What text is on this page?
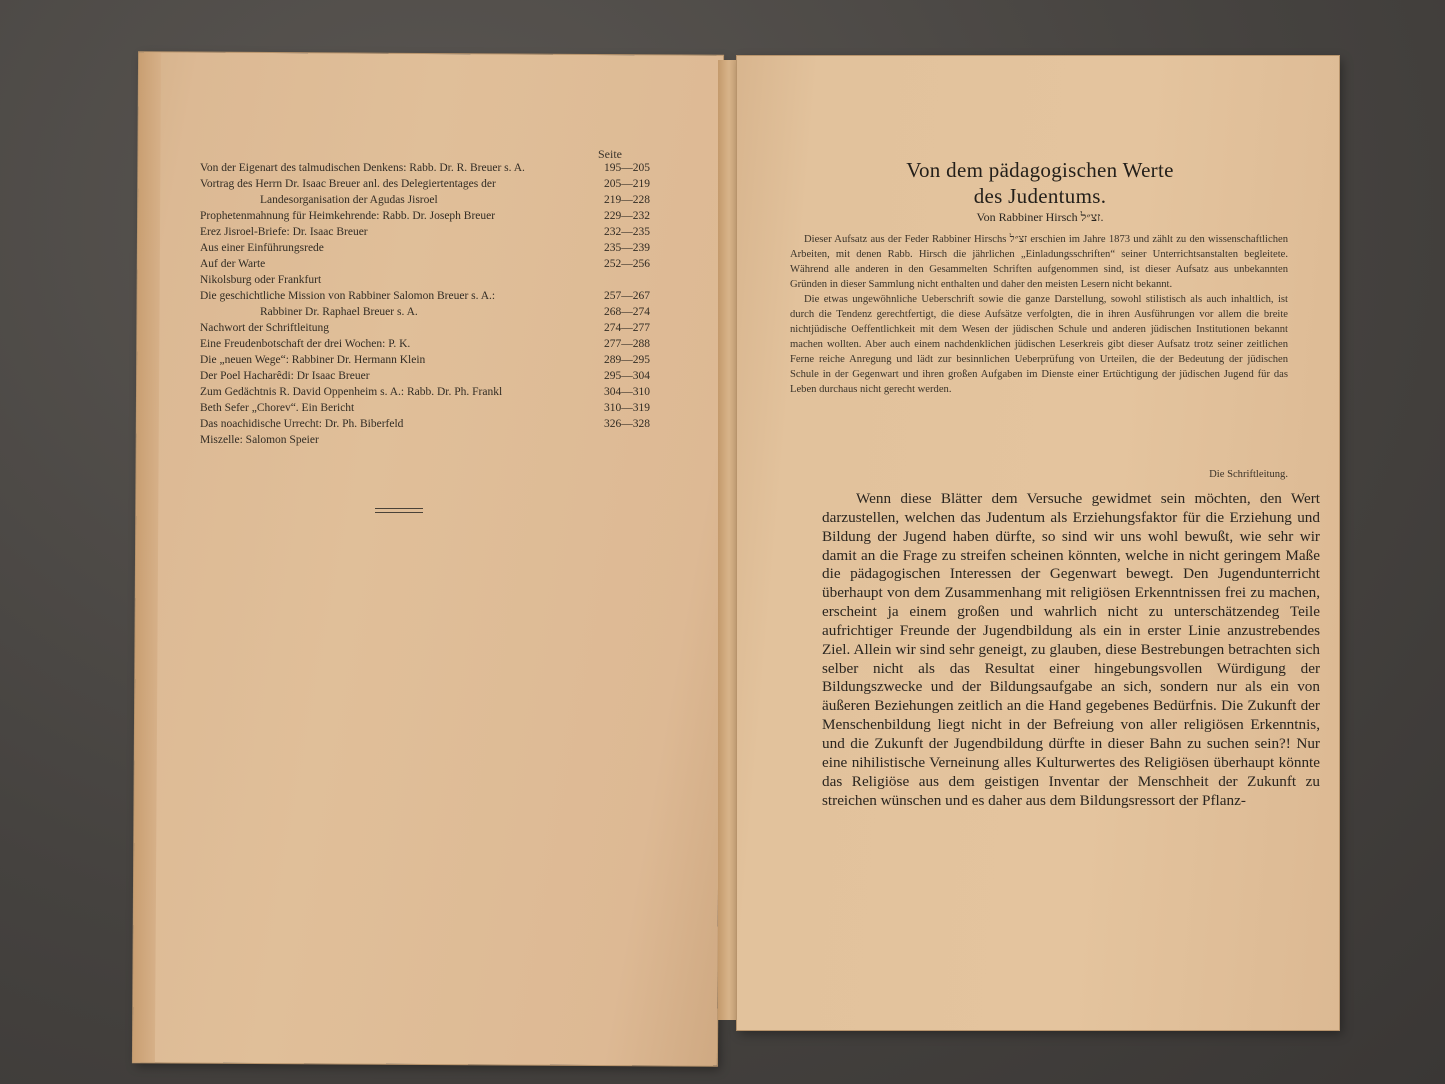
Seite
Von der Eigenart des talmudischen Denkens: Rabb. Dr. R. Breuer s. A.	195—205
Vortrag des Herrn Dr. Isaac Breuer anl. des Delegiertentages der	205—219
Landesorganisation der Agudas Jisroel	219—228
Prophetenmahnung für Heimkehrende: Rabb. Dr. Joseph Breuer	229—232
Erez Jisroel-Briefe: Dr. Isaac Breuer	232—235
Aus einer Einführungsrede	235—239
Auf der Warte	252—256
Nikolsburg oder Frankfurt
Die geschichtliche Mission von Rabbiner Salomon Breuer s. A.:	257—267
Rabbiner Dr. Raphael Breuer s. A.	268—274
Nachwort der Schriftleitung	274—277
Eine Freudenbotschaft der drei Wochen: P. K.	277—288
Die „neuen Wege“: Rabbiner Dr. Hermann Klein	289—295
Der Poel Hacharêdi: Dr Isaac Breuer	295—304
Zum Gedächtnis R. David Oppenheim s. A.: Rabb. Dr. Ph. Frankl	304—310
Beth Sefer „Chorev“. Ein Bericht	310—319
Das noachidische Urrecht: Dr. Ph. Biberfeld	326—328
Miszelle: Salomon Speier
Von dem pädagogischen Werte
des Judentums.
Von Rabbiner Hirsch זצ״ל.

Dieser Aufsatz aus der Feder Rabbiner Hirschs זצ״ל erschien im Jahre 1873 und zählt zu den wissenschaftlichen Arbeiten, mit denen Rabb. Hirsch die jährlichen „Einladungsschriften“ seiner Unterrichtsanstalten begleitete. Während alle anderen in den Gesammelten Schriften aufgenommen sind, ist dieser Aufsatz aus unbekannten Gründen in dieser Sammlung nicht enthalten und daher den meisten Lesern nicht bekannt.

Die etwas ungewöhnliche Ueberschrift sowie die ganze Darstellung, sowohl stilistisch als auch inhaltlich, ist durch die Tendenz gerechtfertigt, die diese Aufsätze verfolgten, die in ihren Ausführungen vor allem die breite nichtjüdische Oeffentlichkeit mit dem Wesen der jüdischen Schule und anderen jüdischen Institutionen bekannt machen wollten. Aber auch einem nachdenklichen jüdischen Leserkreis gibt dieser Aufsatz trotz seiner zeitlichen Ferne reiche Anregung und lädt zur besinnlichen Ueberprüfung von Urteilen, die der Bedeutung der jüdischen Schule in der Gegenwart und ihren großen Aufgaben im Dienste einer Ertüchtigung der jüdischen Jugend für das Leben durchaus nicht gerecht werden.

Die Schriftleitung.

Wenn diese Blätter dem Versuche gewidmet sein möchten, den Wert darzustellen, welchen das Judentum als Erziehungsfaktor für die Erziehung und Bildung der Jugend haben dürfte, so sind wir uns wohl bewußt, wie sehr wir damit an die Frage zu streifen scheinen könnten, welche in nicht geringem Maße die pädagogischen Interessen der Gegenwart bewegt. Den Jugendunterricht überhaupt von dem Zusammenhang mit religiösen Erkenntnissen frei zu machen, erscheint ja einem großen und wahrlich nicht zu unterschätzendeg Teile aufrichtiger Freunde der Jugendbildung als ein in erster Linie anzustrebendes Ziel. Allein wir sind sehr geneigt, zu glauben, diese Bestrebungen betrachten sich selber nicht als das Resultat einer hingebungsvollen Würdigung der Bildungszwecke und der Bildungsaufgabe an sich, sondern nur als ein von äußeren Beziehungen zeitlich an die Hand gegebenes Bedürfnis. Die Zukunft der Menschenbildung liegt nicht in der Befreiung von aller religiösen Erkenntnis, und die Zukunft der Jugendbildung dürfte in dieser Bahn zu suchen sein?! Nur eine nihilistische Verneinung alles Kulturwertes des Religiösen überhaupt könnte das Religiöse aus dem geistigen Inventar der Menschheit der Zukunft zu streichen wünschen und es daher aus dem Bildungsressort der Pflanz-
